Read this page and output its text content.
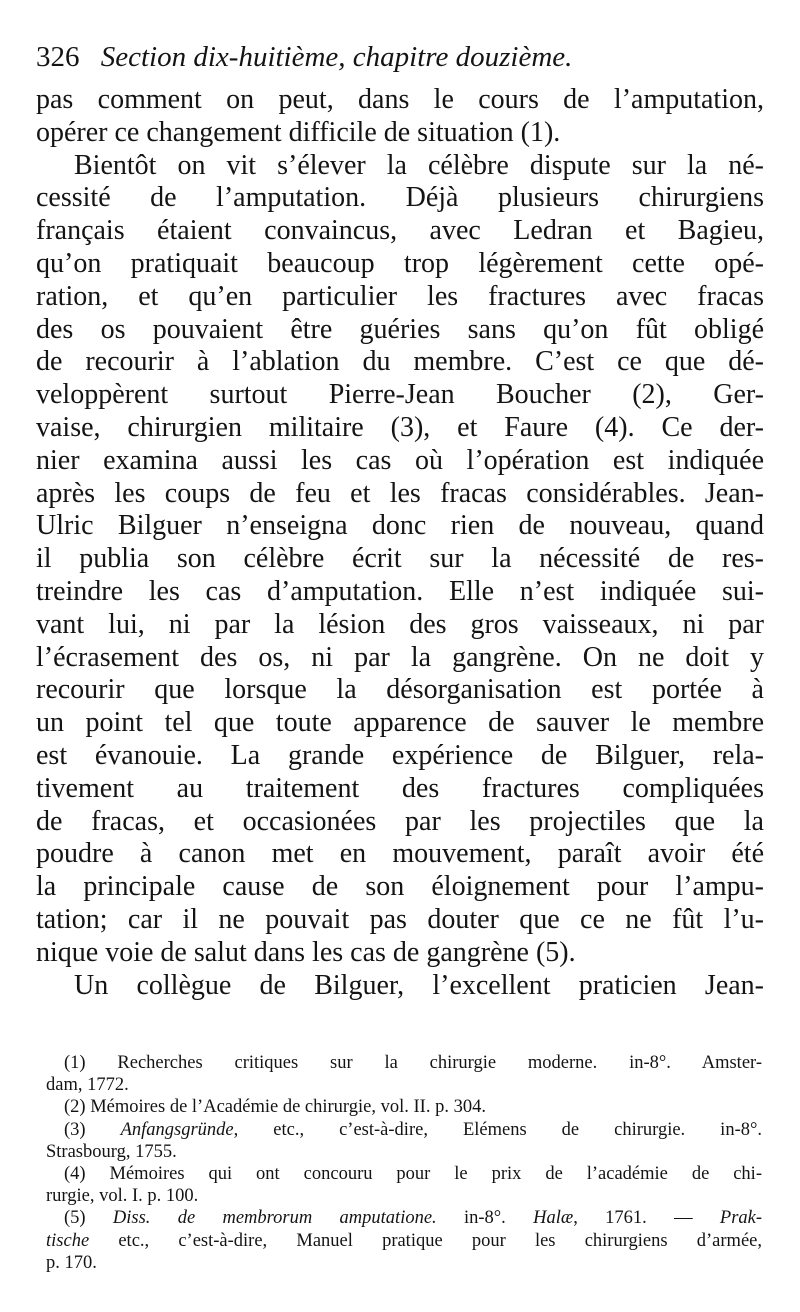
326 Section dix-huitième, chapitre douzième.
pas comment on peut, dans le cours de l’amputation,
opérer ce changement difficile de situation (1).
Bientôt on vit s’élever la célèbre dispute sur la né-
cessité de l’amputation. Déjà plusieurs chirurgiens
français étaient convaincus, avec Ledran et Bagieu,
qu’on pratiquait beaucoup trop légèrement cette opé-
ration, et qu’en particulier les fractures avec fracas
des os pouvaient être guéries sans qu’on fût obligé
de recourir à l’ablation du membre. C’est ce que dé-
veloppèrent surtout Pierre-Jean Boucher (2), Ger-
vaise, chirurgien militaire (3), et Faure (4). Ce der-
nier examina aussi les cas où l’opération est indiquée
après les coups de feu et les fracas considérables. Jean-
Ulric Bilguer n’enseigna donc rien de nouveau, quand
il publia son célèbre écrit sur la nécessité de res-
treindre les cas d’amputation. Elle n’est indiquée sui-
vant lui, ni par la lésion des gros vaisseaux, ni par
l’écrasement des os, ni par la gangrène. On ne doit y
recourir que lorsque la désorganisation est portée à
un point tel que toute apparence de sauver le membre
est évanouie. La grande expérience de Bilguer, rela-
tivement au traitement des fractures compliquées
de fracas, et occasionées par les projectiles que la
poudre à canon met en mouvement, paraît avoir été
la principale cause de son éloignement pour l’ampu-
tation; car il ne pouvait pas douter que ce ne fût l’u-
nique voie de salut dans les cas de gangrène (5).
Un collègue de Bilguer, l’excellent praticien Jean-
(1) Recherches critiques sur la chirurgie moderne. in-8°. Amster-
dam, 1772.
(2) Mémoires de l’Académie de chirurgie, vol. II. p. 304.
(3) Anfangsgründe, etc., c’est-à-dire, Elémens de chirurgie. in-8°.
Strasbourg, 1755.
(4) Mémoires qui ont concouru pour le prix de l’académie de chi-
rurgie, vol. I. p. 100.
(5) Diss. de membrorum amputatione. in-8°. Halæ, 1761. — Prak-
tische etc., c’est-à-dire, Manuel pratique pour les chirurgiens d’armée,
p. 170.
